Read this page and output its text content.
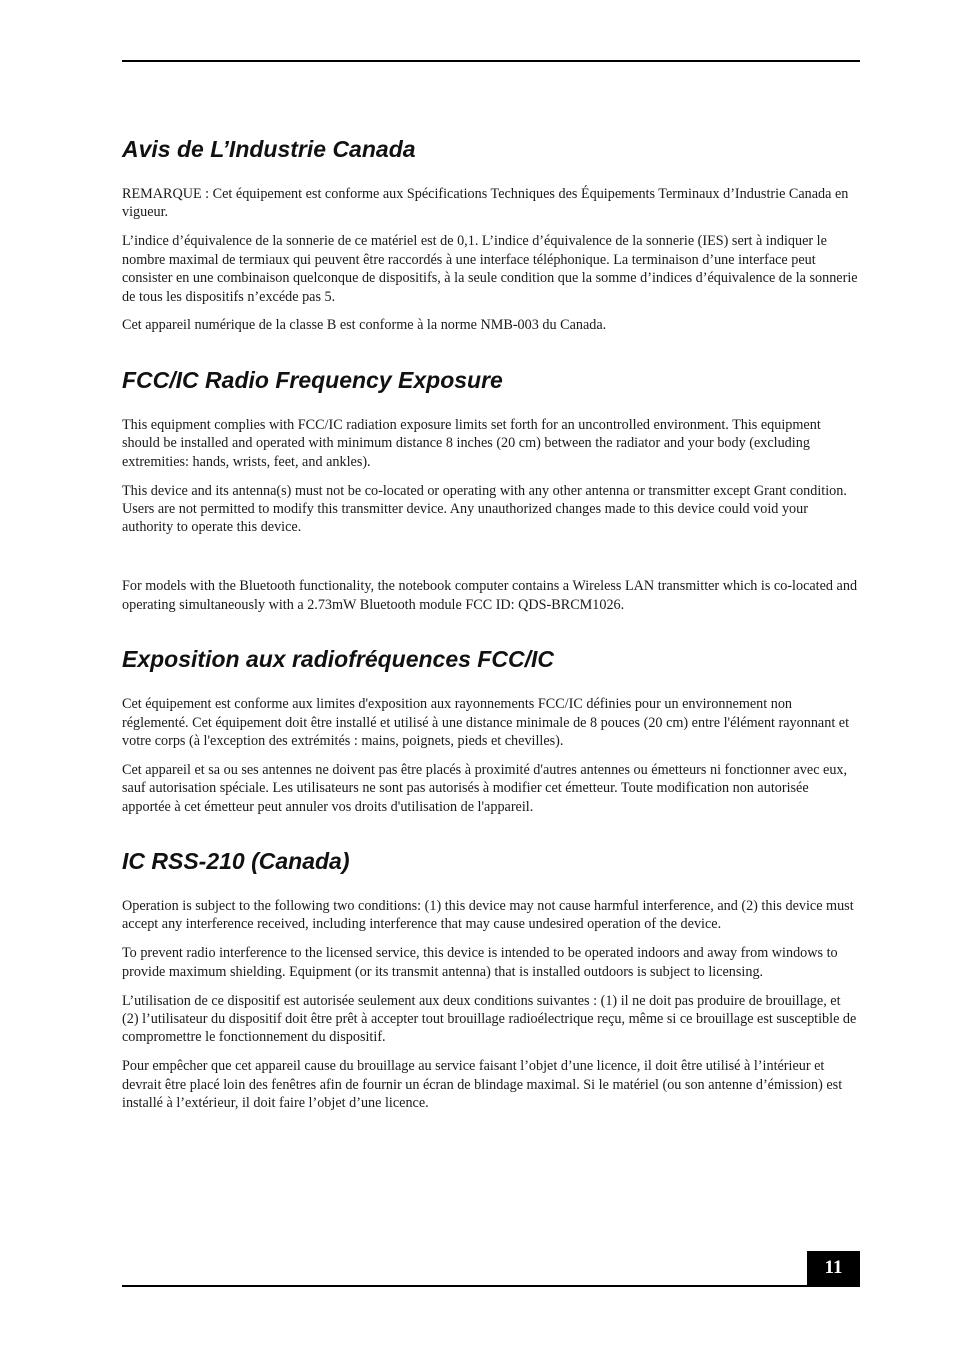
Avis de L’Industrie Canada

REMARQUE : Cet équipement est conforme aux Spécifications Techniques des Équipements Terminaux d’Industrie Canada en vigueur.

L’indice d’équivalence de la sonnerie de ce matériel est de 0,1. L’indice d’équivalence de la sonnerie (IES) sert à indiquer le nombre maximal de termiaux qui peuvent être raccordés à une interface téléphonique. La terminaison d’une interface peut consister en une combinaison quelconque de dispositifs, à la seule condition que la somme d’indices d’équivalence de la sonnerie de tous les dispositifs n’excéde pas 5.

Cet appareil numérique de la classe B est conforme à la norme NMB-003 du Canada.

FCC/IC Radio Frequency Exposure

This equipment complies with FCC/IC radiation exposure limits set forth for an uncontrolled environment. This equipment should be installed and operated with minimum distance 8 inches (20 cm) between the radiator and your body (excluding extremities: hands, wrists, feet, and ankles).

This device and its antenna(s) must not be co-located or operating with any other antenna or transmitter except Grant condition. Users are not permitted to modify this transmitter device. Any unauthorized changes made to this device could void your authority to operate this device.

For models with the Bluetooth functionality, the notebook computer contains a Wireless LAN transmitter which is co-located and operating simultaneously with a 2.73mW Bluetooth module FCC ID: QDS-BRCM1026.

Exposition aux radiofréquences FCC/IC

Cet équipement est conforme aux limites d'exposition aux rayonnements FCC/IC définies pour un environnement non réglementé. Cet équipement doit être installé et utilisé à une distance minimale de 8 pouces (20 cm) entre l'élément rayonnant et votre corps (à l'exception des extrémités : mains, poignets, pieds et chevilles).

Cet appareil et sa ou ses antennes ne doivent pas être placés à proximité d'autres antennes ou émetteurs ni fonctionner avec eux, sauf autorisation spéciale. Les utilisateurs ne sont pas autorisés à modifier cet émetteur. Toute modification non autorisée apportée à cet émetteur peut annuler vos droits d'utilisation de l'appareil.

IC RSS-210 (Canada)

Operation is subject to the following two conditions: (1) this device may not cause harmful interference, and (2) this device must accept any interference received, including interference that may cause undesired operation of the device.

To prevent radio interference to the licensed service, this device is intended to be operated indoors and away from windows to provide maximum shielding. Equipment (or its transmit antenna) that is installed outdoors is subject to licensing.

L’utilisation de ce dispositif est autorisée seulement aux deux conditions suivantes : (1) il ne doit pas produire de brouillage, et (2) l’utilisateur du dispositif doit être prêt à accepter tout brouillage radioélectrique reçu, même si ce brouillage est susceptible de compromettre le fonctionnement du dispositif.

Pour empêcher que cet appareil cause du brouillage au service faisant l’objet d’une licence, il doit être utilisé à l’intérieur et devrait être placé loin des fenêtres afin de fournir un écran de blindage maximal. Si le matériel (ou son antenne d’émission) est installé à l’extérieur, il doit faire l’objet d’une licence.

11
